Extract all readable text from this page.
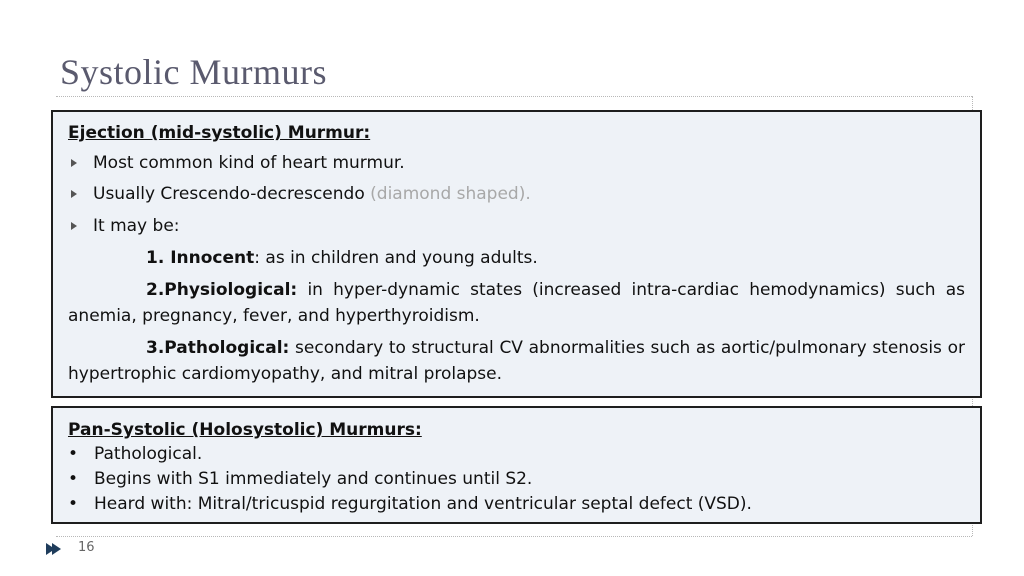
Systolic Murmurs
Ejection (mid-systolic) Murmur:
Most common kind of heart murmur.
Usually Crescendo-decrescendo (diamond shaped).
It may be:
1. Innocent: as in children and young adults.
2.Physiological: in hyper-dynamic states (increased intra-cardiac hemodynamics) such as anemia, pregnancy, fever, and hyperthyroidism.
3.Pathological: secondary to structural CV abnormalities such as aortic/pulmonary stenosis or hypertrophic cardiomyopathy, and mitral prolapse.
Pan-Systolic (Holosystolic) Murmurs:
• Pathological.
• Begins with S1 immediately and continues until S2.
• Heard with: Mitral/tricuspid regurgitation and ventricular septal defect (VSD).
16
